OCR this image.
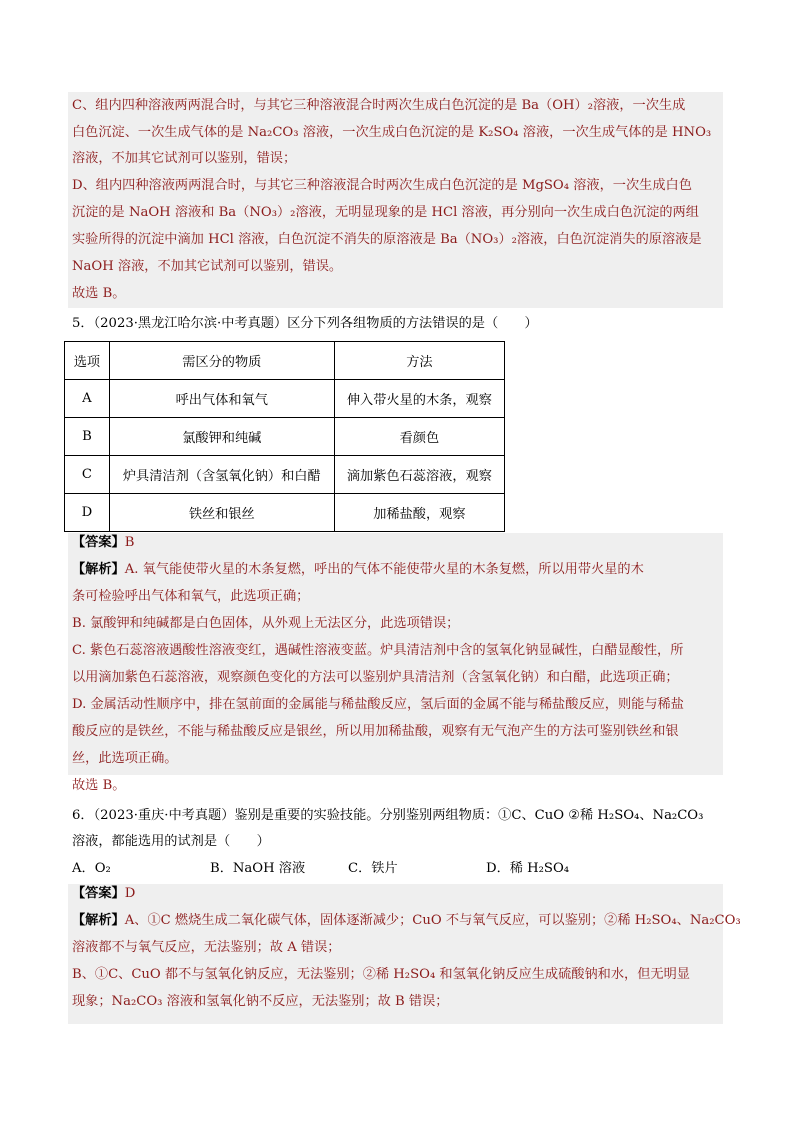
C、组内四种溶液两两混合时，与其它三种溶液混合时两次生成白色沉淀的是 Ba（OH）₂溶液，一次生成
白色沉淀、一次生成气体的是 Na₂CO₃ 溶液，一次生成白色沉淀的是 K₂SO₄ 溶液，一次生成气体的是 HNO₃
溶液，不加其它试剂可以鉴别，错误；
D、组内四种溶液两两混合时，与其它三种溶液混合时两次生成白色沉淀的是 MgSO₄ 溶液，一次生成白色
沉淀的是 NaOH 溶液和 Ba（NO₃）₂溶液，无明显现象的是 HCl 溶液，再分别向一次生成白色沉淀的两组
实验所得的沉淀中滴加 HCl 溶液，白色沉淀不消失的原溶液是 Ba（NO₃）₂溶液，白色沉淀消失的原溶液是
NaOH 溶液，不加其它试剂可以鉴别，错误。
故选 B。
5．（2023·黑龙江哈尔滨·中考真题）区分下列各组物质的方法错误的是（　　）
选项	需区分的物质	方法
A	呼出气体和氧气	伸入带火星的木条，观察
B	氯酸钾和纯碱	看颜色
C	炉具清洁剂（含氢氧化钠）和白醋	滴加紫色石蕊溶液，观察
D	铁丝和银丝	加稀盐酸，观察
【答案】B
【解析】A. 氧气能使带火星的木条复燃，呼出的气体不能使带火星的木条复燃，所以用带火星的木
条可检验呼出气体和氧气，此选项正确；
B. 氯酸钾和纯碱都是白色固体，从外观上无法区分，此选项错误；
C. 紫色石蕊溶液遇酸性溶液变红，遇碱性溶液变蓝。炉具清洁剂中含的氢氧化钠显碱性，白醋显酸性，所
以用滴加紫色石蕊溶液，观察颜色变化的方法可以鉴别炉具清洁剂（含氢氧化钠）和白醋，此选项正确；
D. 金属活动性顺序中，排在氢前面的金属能与稀盐酸反应，氢后面的金属不能与稀盐酸反应，则能与稀盐
酸反应的是铁丝，不能与稀盐酸反应是银丝，所以用加稀盐酸，观察有无气泡产生的方法可鉴别铁丝和银
丝，此选项正确。
故选 B。
6．（2023·重庆·中考真题）鉴别是重要的实验技能。分别鉴别两组物质：①C、CuO ②稀 H₂SO₄、Na₂CO₃
溶液，都能选用的试剂是（　　）
A．O₂	B．NaOH 溶液	C．铁片	D．稀 H₂SO₄
【答案】D
【解析】A、①C 燃烧生成二氧化碳气体，固体逐渐减少；CuO 不与氧气反应，可以鉴别；②稀 H₂SO₄、Na₂CO₃
溶液都不与氧气反应，无法鉴别；故 A 错误；
B、①C、CuO 都不与氢氧化钠反应，无法鉴别；②稀 H₂SO₄ 和氢氧化钠反应生成硫酸钠和水，但无明显
现象；Na₂CO₃ 溶液和氢氧化钠不反应，无法鉴别；故 B 错误；
